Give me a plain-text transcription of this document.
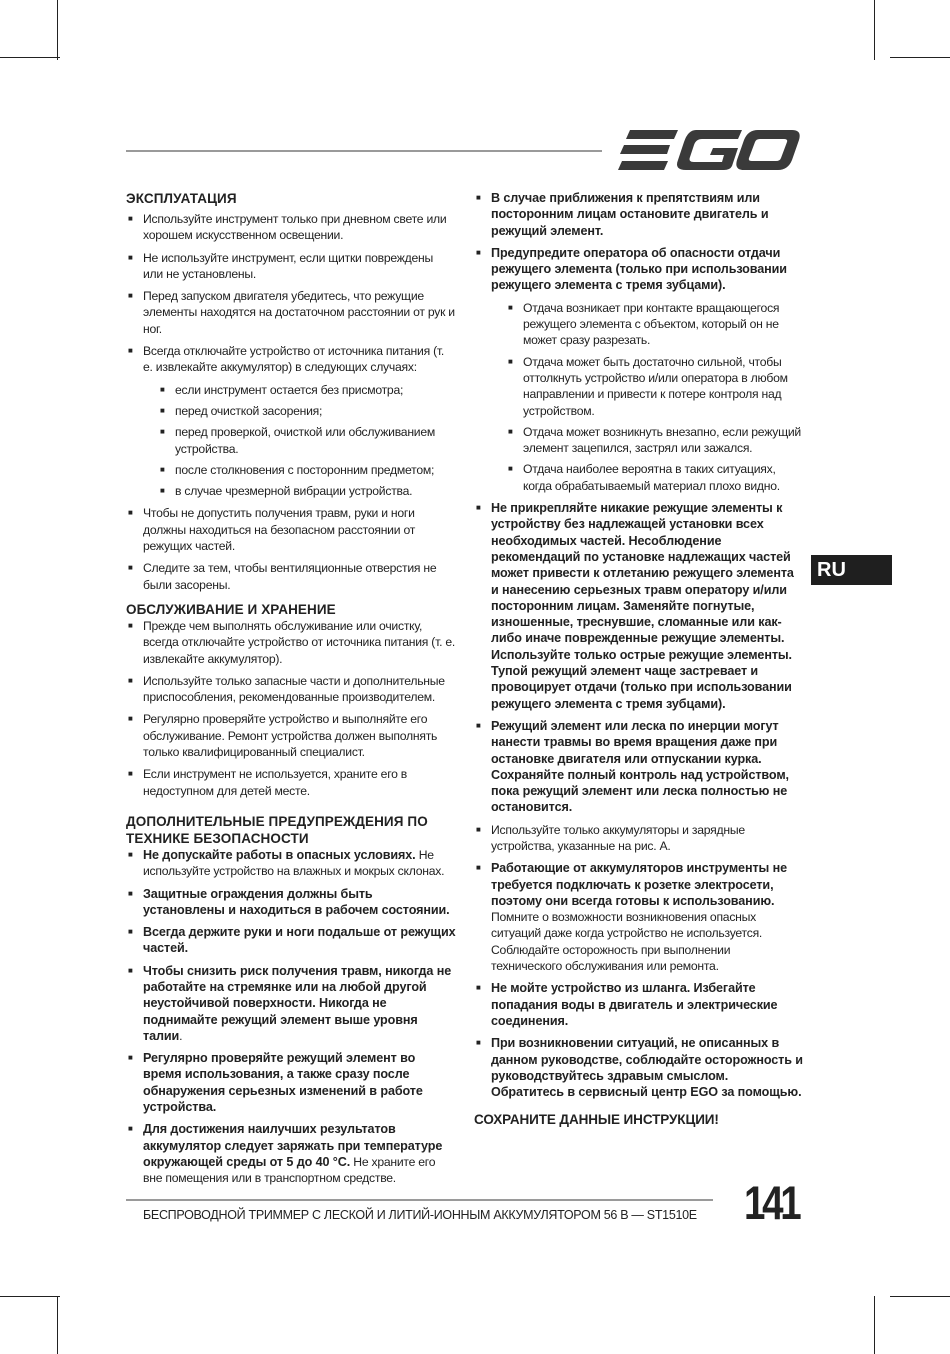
ЭКСПЛУАТАЦИЯ
■ Используйте инструмент только при дневном свете или хорошем искусственном освещении.
■ Не используйте инструмент, если щитки повреждены или не установлены.
■ Перед запуском двигателя убедитесь, что режущие элементы находятся на достаточном расстоянии от рук и ног.
■ Всегда отключайте устройство от источника питания (т. е. извлекайте аккумулятор) в следующих случаях:
■ если инструмент остается без присмотра;
■ перед очисткой засорения;
■ перед проверкой, очисткой или обслуживанием устройства.
■ после столкновения с посторонним предметом;
■ в случае чрезмерной вибрации устройства.
■ Чтобы не допустить получения травм, руки и ноги должны находиться на безопасном расстоянии от режущих частей.
■ Следите за тем, чтобы вентиляционные отверстия не были засорены.
ОБСЛУЖИВАНИЕ И ХРАНЕНИЕ
■ Прежде чем выполнять обслуживание или очистку, всегда отключайте устройство от источника питания (т. е. извлекайте аккумулятор).
■ Используйте только запасные части и дополнительные приспособления, рекомендованные производителем.
■ Регулярно проверяйте устройство и выполняйте его обслуживание. Ремонт устройства должен выполнять только квалифицированный специалист.
■ Если инструмент не используется, храните его в недоступном для детей месте.
ДОПОЛНИТЕЛЬНЫЕ ПРЕДУПРЕЖДЕНИЯ ПО ТЕХНИКЕ БЕЗОПАСНОСТИ
■ Не допускайте работы в опасных условиях. Не используйте устройство на влажных и мокрых склонах.
■ Защитные ограждения должны быть установлены и находиться в рабочем состоянии.
■ Всегда держите руки и ноги подальше от режущих частей.
■ Чтобы снизить риск получения травм, никогда не работайте на стремянке или на любой другой неустойчивой поверхности. Никогда не поднимайте режущий элемент выше уровня талии.
■ Регулярно проверяйте режущий элемент во время использования, а также сразу после обнаружения серьезных изменений в работе устройства.
■ Для достижения наилучших результатов аккумулятор следует заряжать при температуре окружающей среды от 5 до 40 °C. Не храните его вне помещения или в транспортном средстве.
■ В случае приближения к препятствиям или посторонним лицам остановите двигатель и режущий элемент.
■ Предупредите оператора об опасности отдачи режущего элемента (только при использовании режущего элемента с тремя зубцами).
■ Отдача возникает при контакте вращающегося режущего элемента с объектом, который он не может сразу разрезать.
■ Отдача может быть достаточно сильной, чтобы оттолкнуть устройство и/или оператора в любом направлении и привести к потере контроля над устройством.
■ Отдача может возникнуть внезапно, если режущий элемент зацепился, застрял или зажался.
■ Отдача наиболее вероятна в таких ситуациях, когда обрабатываемый материал плохо видно.
■ Не прикрепляйте никакие режущие элементы к устройству без надлежащей установки всех необходимых частей. Несоблюдение рекомендаций по установке надлежащих частей может привести к отлетанию режущего элемента и нанесению серьезных травм оператору и/или посторонним лицам. Заменяйте погнутые, изношенные, треснувшие, сломанные или как-либо иначе поврежденные режущие элементы. Используйте только острые режущие элементы. Тупой режущий элемент чаще застревает и провоцирует отдачи (только при использовании режущего элемента с тремя зубцами).
■ Режущий элемент или леска по инерции могут нанести травмы во время вращения даже при остановке двигателя или отпускании курка. Сохраняйте полный контроль над устройством, пока режущий элемент или леска полностью не остановится.
■ Используйте только аккумуляторы и зарядные устройства, указанные на рис. A.
■ Работающие от аккумуляторов инструменты не требуется подключать к розетке электросети, поэтому они всегда готовы к использованию. Помните о возможности возникновения опасных ситуаций даже когда устройство не используется. Соблюдайте осторожность при выполнении технического обслуживания или ремонта.
■ Не мойте устройство из шланга. Избегайте попадания воды в двигатель и электрические соединения.
■ При возникновении ситуаций, не описанных в данном руководстве, соблюдайте осторожность и руководствуйтесь здравым смыслом. Обратитесь в сервисный центр EGO за помощью.
СОХРАНИТЕ ДАННЫЕ ИНСТРУКЦИИ!
RU
БЕСПРОВОДНОЙ ТРИММЕР С ЛЕСКОЙ И ЛИТИЙ-ИОННЫМ АККУМУЛЯТОРОМ 56 В — ST1510E 141
